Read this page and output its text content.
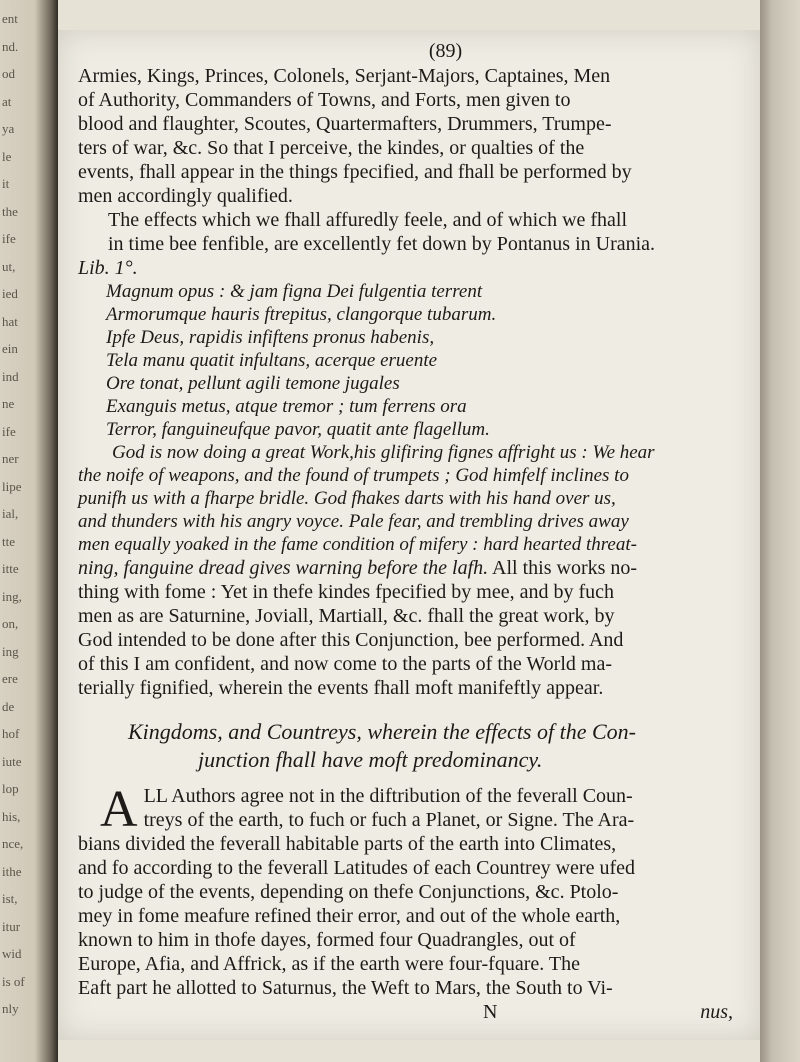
ent
nd.
od
at
ya
le
it
the
ife
ut,
ied
hat
ein
ind
ne
ife
ner
lipe
ial,
tte
itte
ing,
on,
ing
ere
de
hof
iute
lop
his,
nce,
ithe
ist,
itur
wid
is of
nly
(89)
Armies, Kings, Princes, Colonels, Serjant-Majors, Captaines, Men
of Authority, Commanders of Towns, and Forts, men given to
blood and flaughter, Scoutes, Quartermafters, Drummers, Trumpe-
ters of war, &c. So that I perceive, the kindes, or qualties of the
events, fhall appear in the things fpecified, and fhall be performed by
men accordingly qualified.
The effects which we fhall affuredly feele, and of which we fhall
in time bee fenfible, are excellently fet down by Pontanus in Urania.
Lib. 1°.
Magnum opus : & jam figna Dei fulgentia terrent
Armorumque hauris ftrepitus, clangorque tubarum.
Ipfe Deus, rapidis infiftens pronus habenis,
Tela manu quatit infultans, acerque eruente
Ore tonat, pellunt agili temone jugales
Exanguis metus, atque tremor ; tum ferrens ora
Terror, fanguineufque pavor, quatit ante flagellum.
God is now doing a great Work,his glifiring fignes affright us : We hear
the noife of weapons, and the found of trumpets ; God himfelf inclines to
punifh us with a fharpe bridle. God fhakes darts with his hand over us,
and thunders with his angry voyce. Pale fear, and trembling drives away
men equally yoaked in the fame condition of mifery : hard hearted threat-
ning, fanguine dread gives warning before the lafh. All this works no-
thing with fome : Yet in thefe kindes fpecified by mee, and by fuch
men as are Saturnine, Joviall, Martiall, &c. fhall the great work, by
God intended to be done after this Conjunction, bee performed. And
of this I am confident, and now come to the parts of the World ma-
terially fignified, wherein the events fhall moft manifeftly appear.
Kingdoms, and Countreys, wherein the effects of the Con-
junction fhall have moft predominancy.
A LL Authors agree not in the diftribution of the feverall Coun-
treys of the earth, to fuch or fuch a Planet, or Signe. The Ara-
bians divided the feverall habitable parts of the earth into Climates,
and fo according to the feverall Latitudes of each Countrey were ufed
to judge of the events, depending on thefe Conjunctions, &c. Ptolo-
mey in fome meafure refined their error, and out of the whole earth,
known to him in thofe dayes, formed four Quadrangles, out of
Europe, Afia, and Affrick, as if the earth were four-fquare. The
Eaft part he allotted to Saturnus, the Weft to Mars, the South to Vi-
N	nus,
